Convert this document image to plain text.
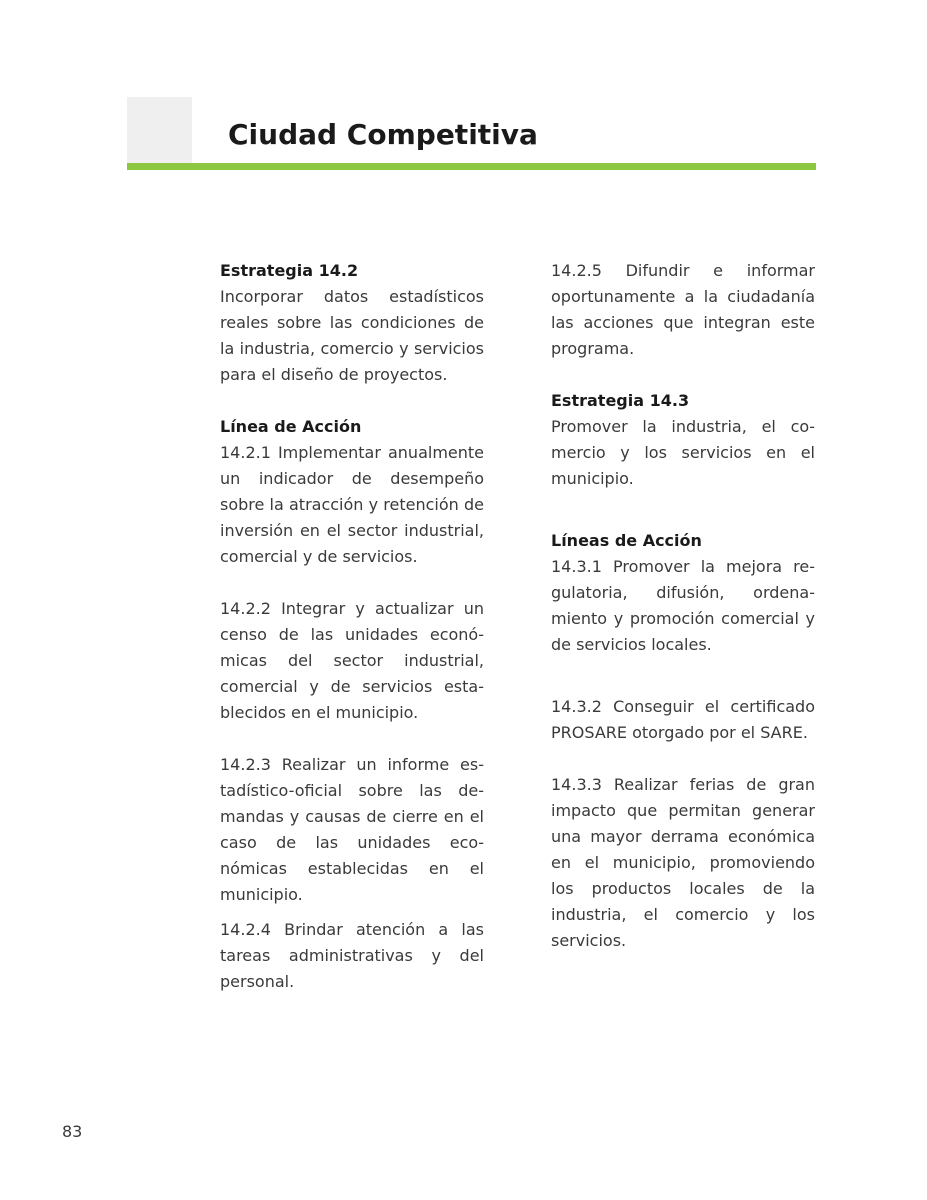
Ciudad Competitiva

Estrategia 14.2

Incorporar datos estadísticos reales sobre las condiciones de la industria, comercio y servicios para el diseño de proyectos.

Línea de Acción

14.2.1 Implementar anualmente un indicador de desempeño sobre la atracción y retención de inversión en el sector industrial, comercial y de servicios.

14.2.2 Integrar y actualizar un censo de las unidades económicas del sector industrial, comercial y de servicios establecidos en el municipio.

14.2.3 Realizar un informe estadístico-oficial sobre las demandas y causas de cierre en el caso de las unidades económicas establecidas en el municipio.

14.2.4 Brindar atención a las tareas administrativas y del personal.

14.2.5 Difundir e informar oportunamente a la ciudadanía las acciones que integran este programa.

Estrategia 14.3

Promover la industria, el comercio y los servicios en el municipio.

Líneas de Acción

14.3.1 Promover la mejora regulatoria, difusión, ordenamiento y promoción comercial y de servicios locales.

14.3.2 Conseguir el certificado PROSARE otorgado por el SARE.

14.3.3 Realizar ferias de gran impacto que permitan generar una mayor derrama económica en el municipio, promoviendo los productos locales de la industria, el comercio y los servicios.

83
